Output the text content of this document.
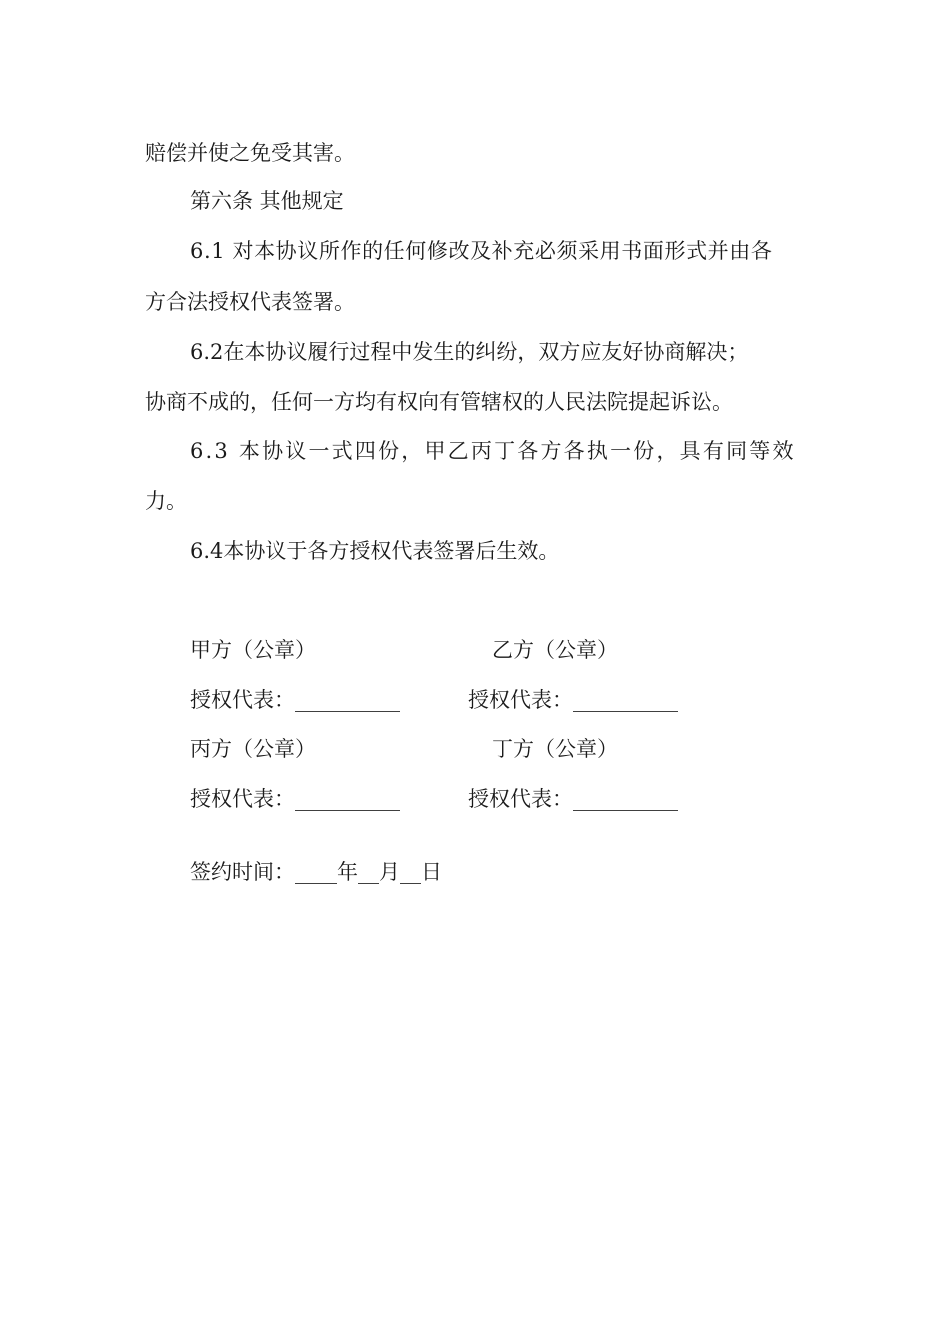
赔偿并使之免受其害。
第六条 其他规定
6.1 对本协议所作的任何修改及补充必须采用书面形式并由各
方合法授权代表签署。
6.2在本协议履行过程中发生的纠纷，双方应友好协商解决；
协商不成的，任何一方均有权向有管辖权的人民法院提起诉讼。
6.3 本协议一式四份，甲乙丙丁各方各执一份，具有同等效
力。
6.4本协议于各方授权代表签署后生效。
甲方（公章）	乙方（公章）
授权代表：__________	授权代表：__________
丙方（公章）	丁方（公章）
授权代表：__________	授权代表：__________
签约时间：____年__月__日
